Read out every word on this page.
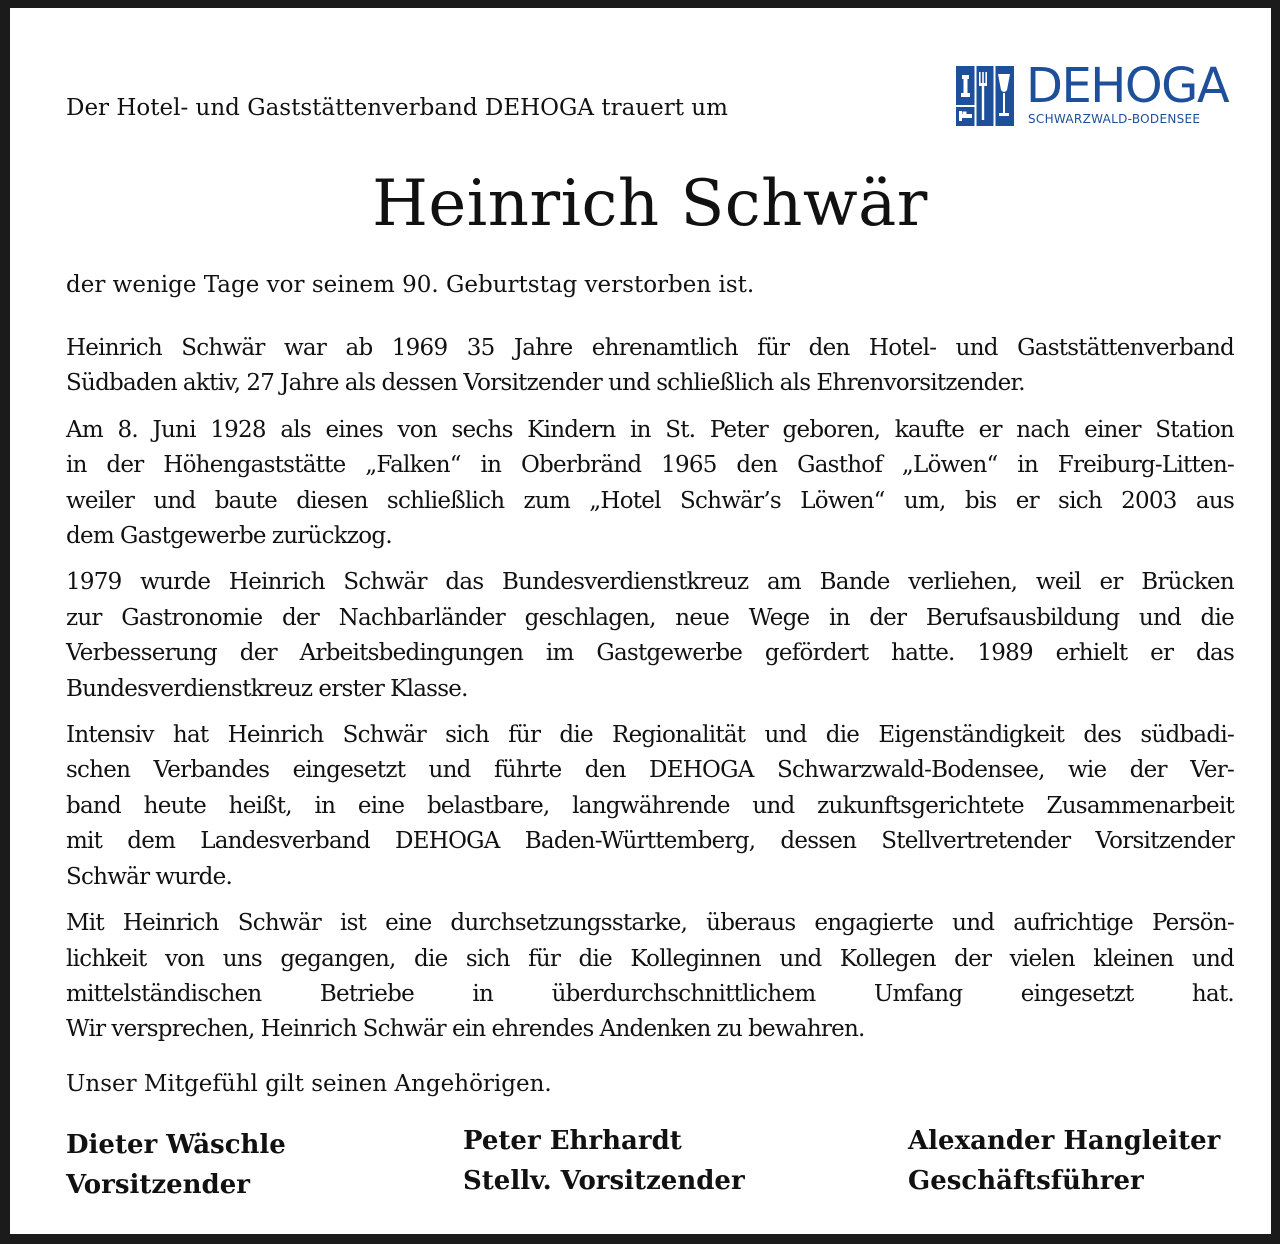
DEHOGA
SCHWARZWALD-BODENSEE
Der Hotel- und Gaststättenverband DEHOGA trauert um
Heinrich Schwär
der wenige Tage vor seinem 90. Geburtstag verstorben ist.

Heinrich Schwär war ab 1969 35 Jahre ehrenamtlich für den Hotel- und Gaststättenverband
Südbaden aktiv, 27 Jahre als dessen Vorsitzender und schließlich als Ehrenvorsitzender.

Am 8. Juni 1928 als eines von sechs Kindern in St. Peter geboren, kaufte er nach einer Station
in der Höhengaststätte „Falken“ in Oberbränd 1965 den Gasthof „Löwen“ in Freiburg-Litten-
weiler und baute diesen schließlich zum „Hotel Schwär’s Löwen“ um, bis er sich 2003 aus
dem Gastgewerbe zurückzog.

1979 wurde Heinrich Schwär das Bundesverdienstkreuz am Bande verliehen, weil er Brücken
zur Gastronomie der Nachbarländer geschlagen, neue Wege in der Berufsausbildung und die
Verbesserung der Arbeitsbedingungen im Gastgewerbe gefördert hatte. 1989 erhielt er das
Bundesverdienstkreuz erster Klasse.

Intensiv hat Heinrich Schwär sich für die Regionalität und die Eigenständigkeit des südbadi-
schen Verbandes eingesetzt und führte den DEHOGA Schwarzwald-Bodensee, wie der Ver-
band heute heißt, in eine belastbare, langwährende und zukunftsgerichtete Zusammenarbeit
mit dem Landesverband DEHOGA Baden-Württemberg, dessen Stellvertretender Vorsitzender
Schwär wurde.

Mit Heinrich Schwär ist eine durchsetzungsstarke, überaus engagierte und aufrichtige Persön-
lichkeit von uns gegangen, die sich für die Kolleginnen und Kollegen der vielen kleinen und
mittelständischen Betriebe in überdurchschnittlichem Umfang eingesetzt hat.
Wir versprechen, Heinrich Schwär ein ehrendes Andenken zu bewahren.

Unser Mitgefühl gilt seinen Angehörigen.
Dieter Wäschle
Vorsitzender
Peter Ehrhardt
Stellv. Vorsitzender
Alexander Hangleiter
Geschäftsführer
